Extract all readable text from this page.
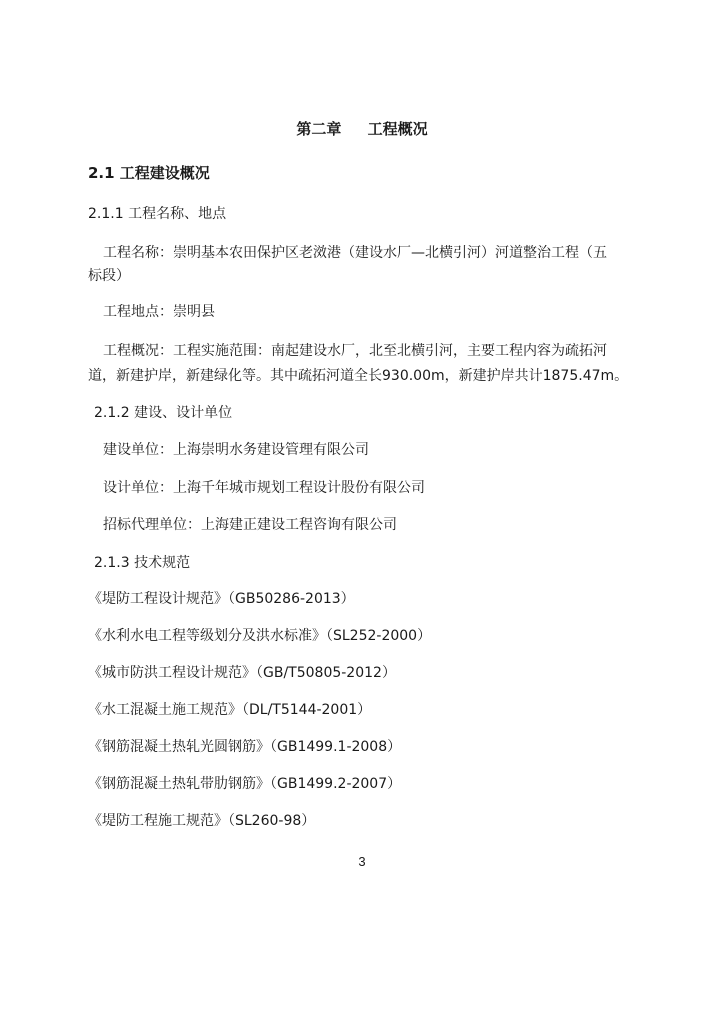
第二章 工程概况
2.1 工程建设概况
2.1.1 工程名称、地点
工程名称：崇明基本农田保护区老滧港（建设水厂—北横引河）河道整治工程（五
标段）
工程地点：崇明县
工程概况：工程实施范围：南起建设水厂，北至北横引河，主要工程内容为疏拓河
道，新建护岸，新建绿化等。其中疏拓河道全长930.00m，新建护岸共计1875.47m。
2.1.2 建设、设计单位
建设单位：上海崇明水务建设管理有限公司
设计单位：上海千年城市规划工程设计股份有限公司
招标代理单位：上海建正建设工程咨询有限公司
2.1.3 技术规范
《堤防工程设计规范》（GB50286-2013）
《水利水电工程等级划分及洪水标准》（SL252-2000）
《城市防洪工程设计规范》（GB/T50805-2012）
《水工混凝土施工规范》（DL/T5144-2001）
《钢筋混凝土热轧光圆钢筋》（GB1499.1-2008）
《钢筋混凝土热轧带肋钢筋》（GB1499.2-2007）
《堤防工程施工规范》（SL260-98）
3
